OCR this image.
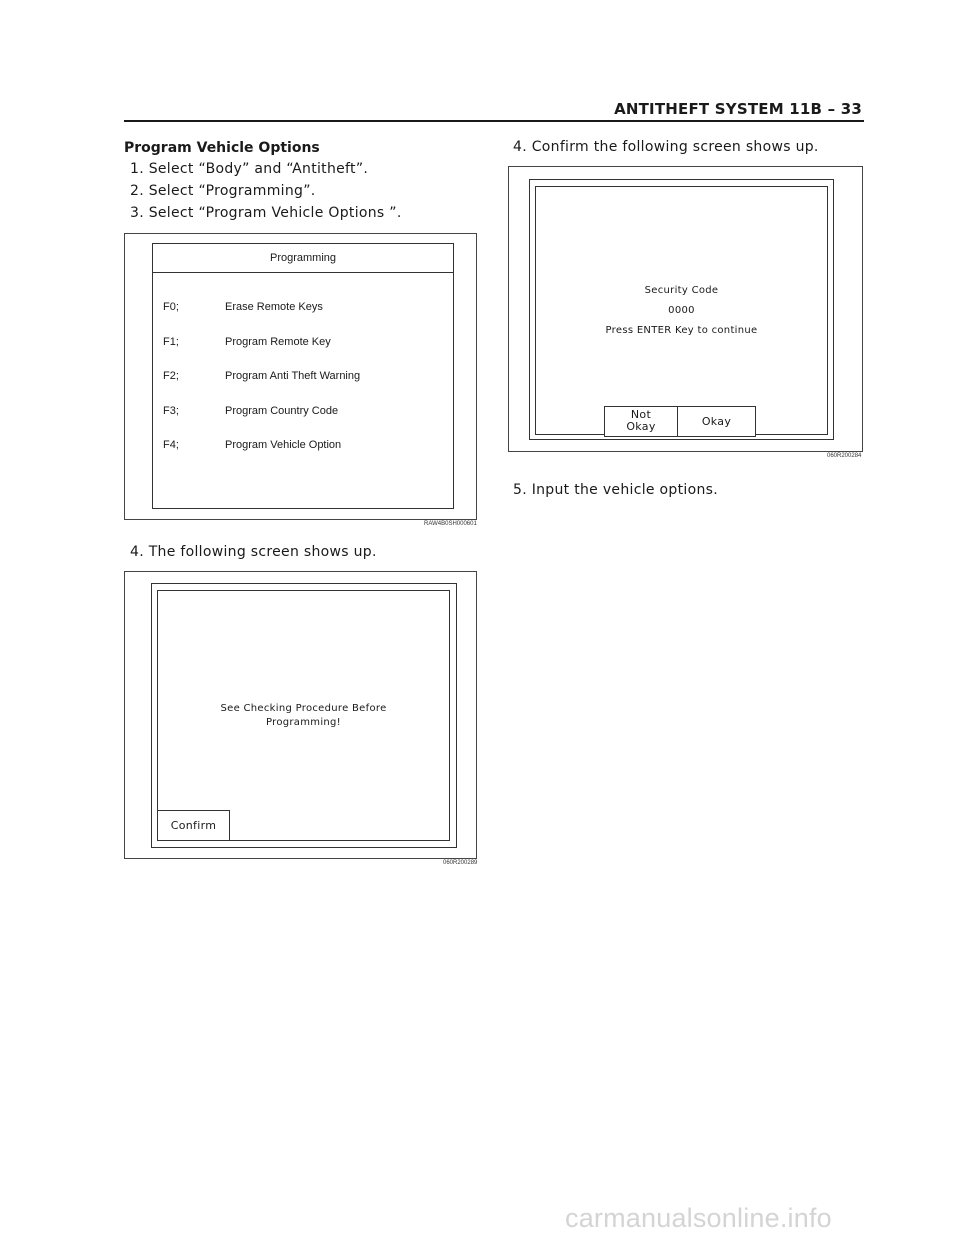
ANTITHEFT SYSTEM 11B – 33
Program Vehicle Options
1. Select “Body” and “Antitheft”.
2. Select “Programming”.
3. Select “Program Vehicle Options ”.
Programming
F0;	Erase Remote Keys
F1;	Program Remote Key
F2;	Program Anti Theft Warning
F3;	Program Country Code
F4;	Program Vehicle Option
RAW4B0SH000601
4. The following screen shows up.
See Checking Procedure Before
Programming!
Confirm
060R200289
4. Confirm the following screen shows up.
Security Code
0000
Press ENTER Key to continue
Not
Okay	Okay
060R200284
5. Input the vehicle options.
carmanualsonline.info
